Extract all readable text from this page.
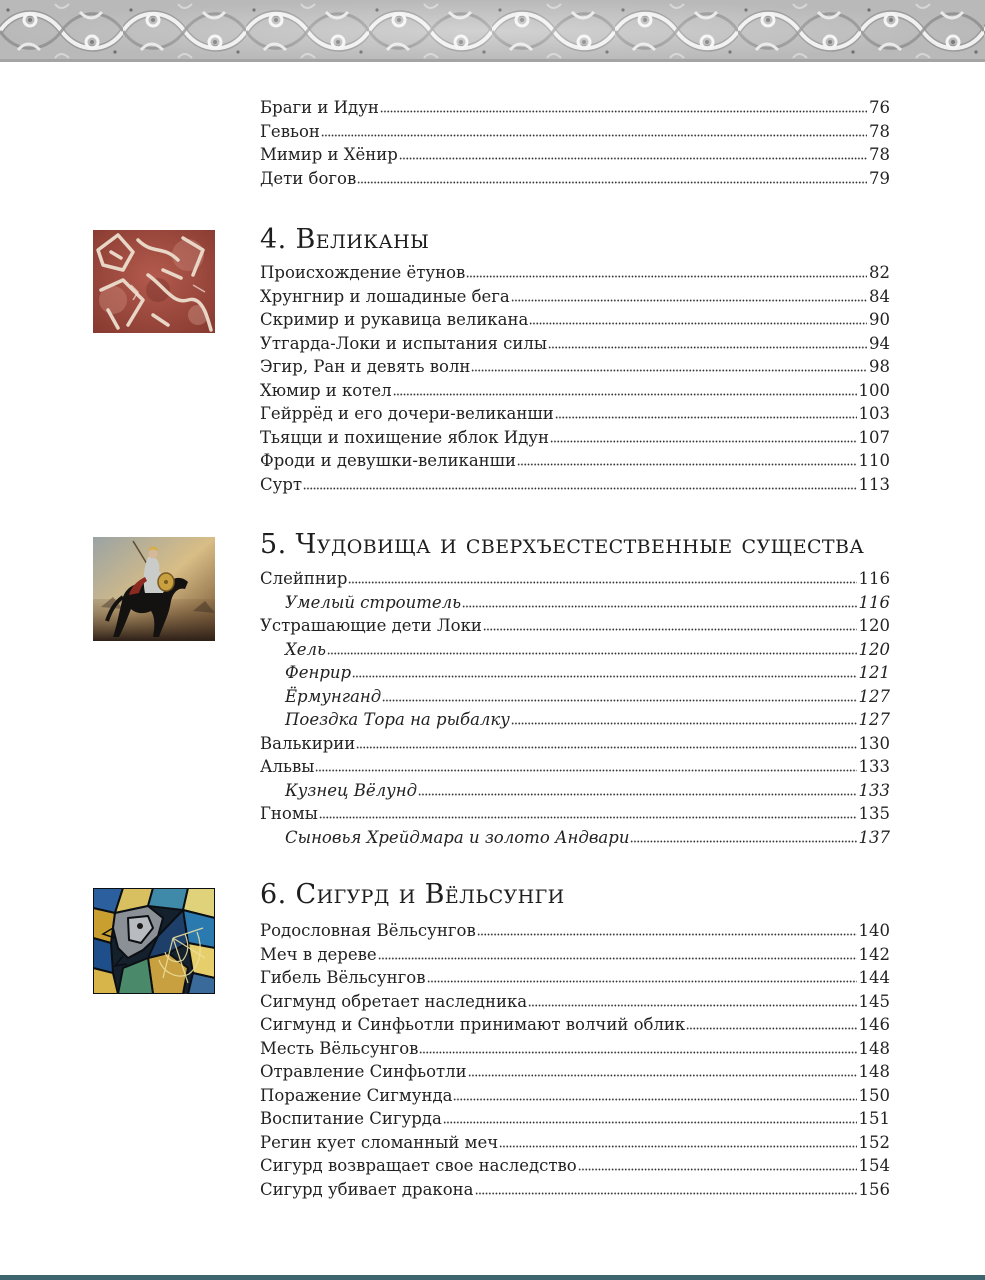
Браги и Идун	76
Гевьон	78
Мимир и Хёнир	78
Дети богов	79
4. Великаны
Происхождение ётунов	82
Хрунгнир и лошадиные бега	84
Скримир и рукавица великана	90
Утгарда-Локи и испытания силы	94
Эгир, Ран и девять волн	98
Хюмир и котел	100
Гейррёд и его дочери-великанши	103
Тьяцци и похищение яблок Идун	107
Фроди и девушки-великанши	110
Сурт	113
5. Чудовища и сверхъестественные существа
Слейпнир	116
Умелый строитель	116
Устрашающие дети Локи	120
Хель	120
Фенрир	121
Ёрмунганд	127
Поездка Тора на рыбалку	127
Валькирии	130
Альвы	133
Кузнец Вёлунд	133
Гномы	135
Сыновья Хрейдмара и золото Андвари	137
6. Сигурд и Вёльсунги
Родословная Вёльсунгов	140
Меч в дереве	142
Гибель Вёльсунгов	144
Сигмунд обретает наследника	145
Сигмунд и Синфьотли принимают волчий облик	146
Месть Вёльсунгов	148
Отравление Синфьотли	148
Поражение Сигмунда	150
Воспитание Сигурда	151
Регин кует сломанный меч	152
Сигурд возвращает свое наследство	154
Сигурд убивает дракона	156
